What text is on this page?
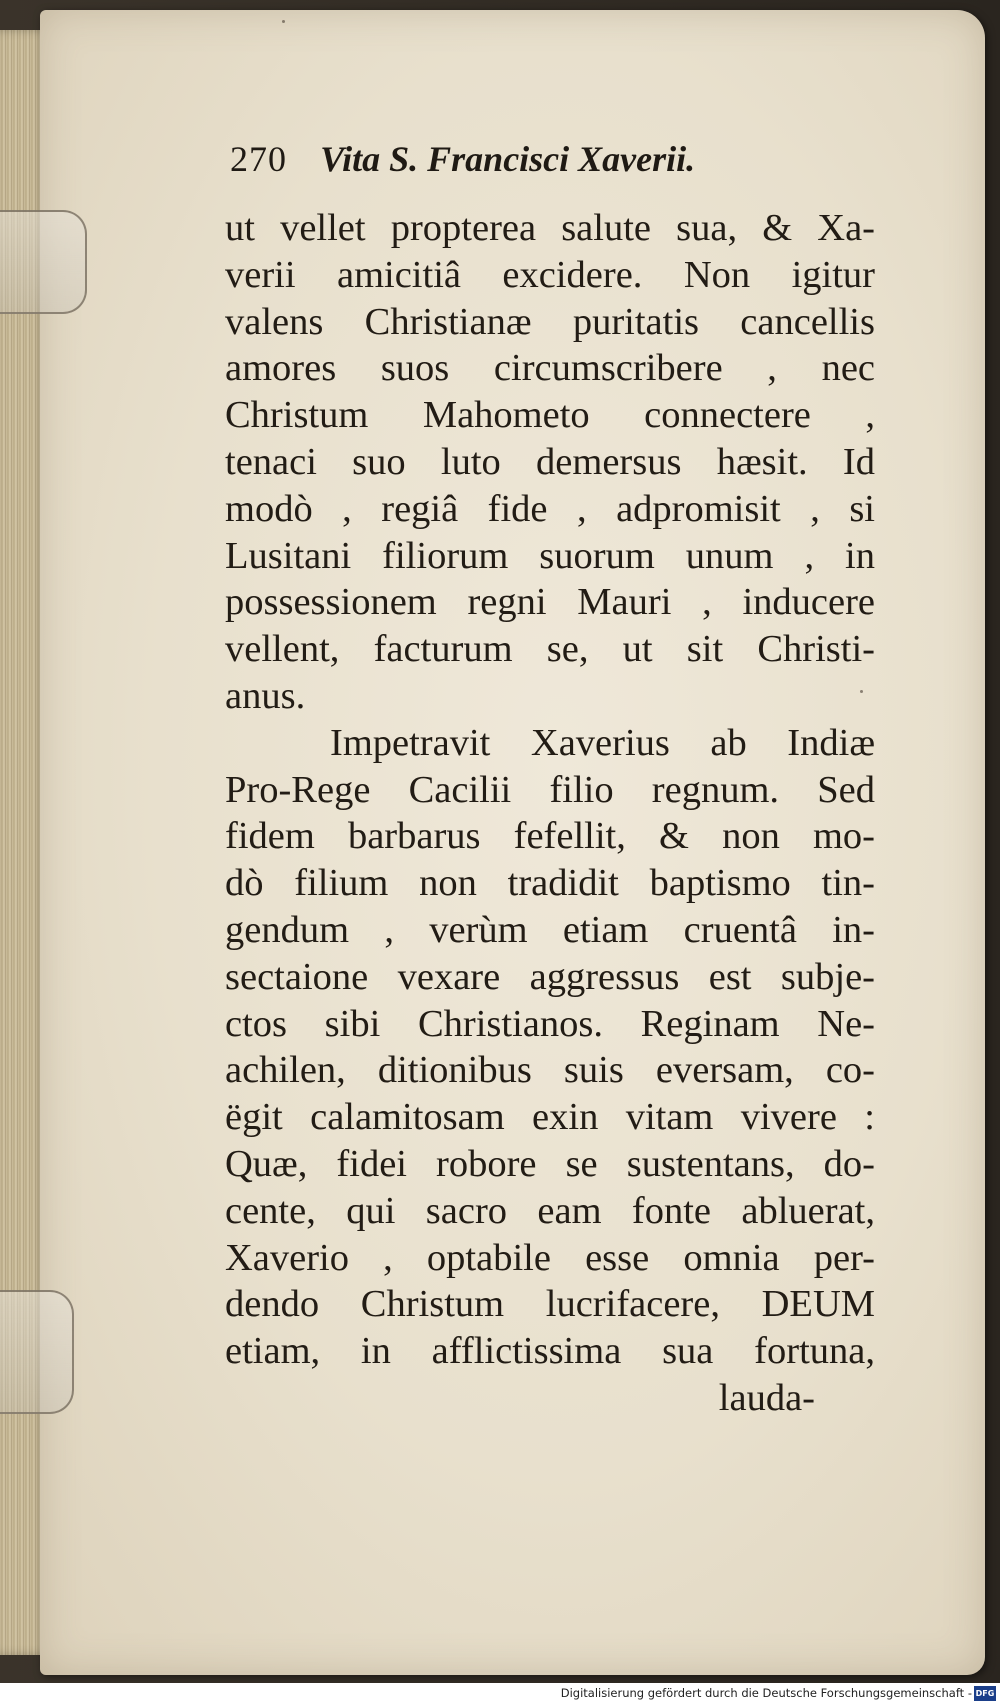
270 Vita S. Francisci Xaverii.
ut vellet propterea salute sua, & Xa-
verii amicitiâ excidere. Non igitur
valens Christianæ puritatis cancellis
amores suos circumscribere , nec
Christum Mahometo connectere ,
tenaci suo luto demersus hæsit. Id
modò , regiâ fide , adpromisit , si
Lusitani filiorum suorum unum , in
possessionem regni Mauri , inducere
vellent, facturum se, ut sit Christi-
anus.
Impetravit Xaverius ab Indiæ
Pro-Rege Cacilii filio regnum. Sed
fidem barbarus fefellit, & non mo-
dò filium non tradidit baptismo tin-
gendum , verùm etiam cruentâ in-
sectaione vexare aggressus est subje-
ctos sibi Christianos. Reginam Ne-
achilen, ditionibus suis eversam, co-
ëgit calamitosam exin vitam vivere :
Quæ, fidei robore se sustentans, do-
cente, qui sacro eam fonte abluerat,
Xaverio , optabile esse omnia per-
dendo Christum lucrifacere, DEUM
etiam, in afflictissima sua fortuna,
lauda-
Digitalisierung gefördert durch die Deutsche Forschungsgemeinschaft - DFG
